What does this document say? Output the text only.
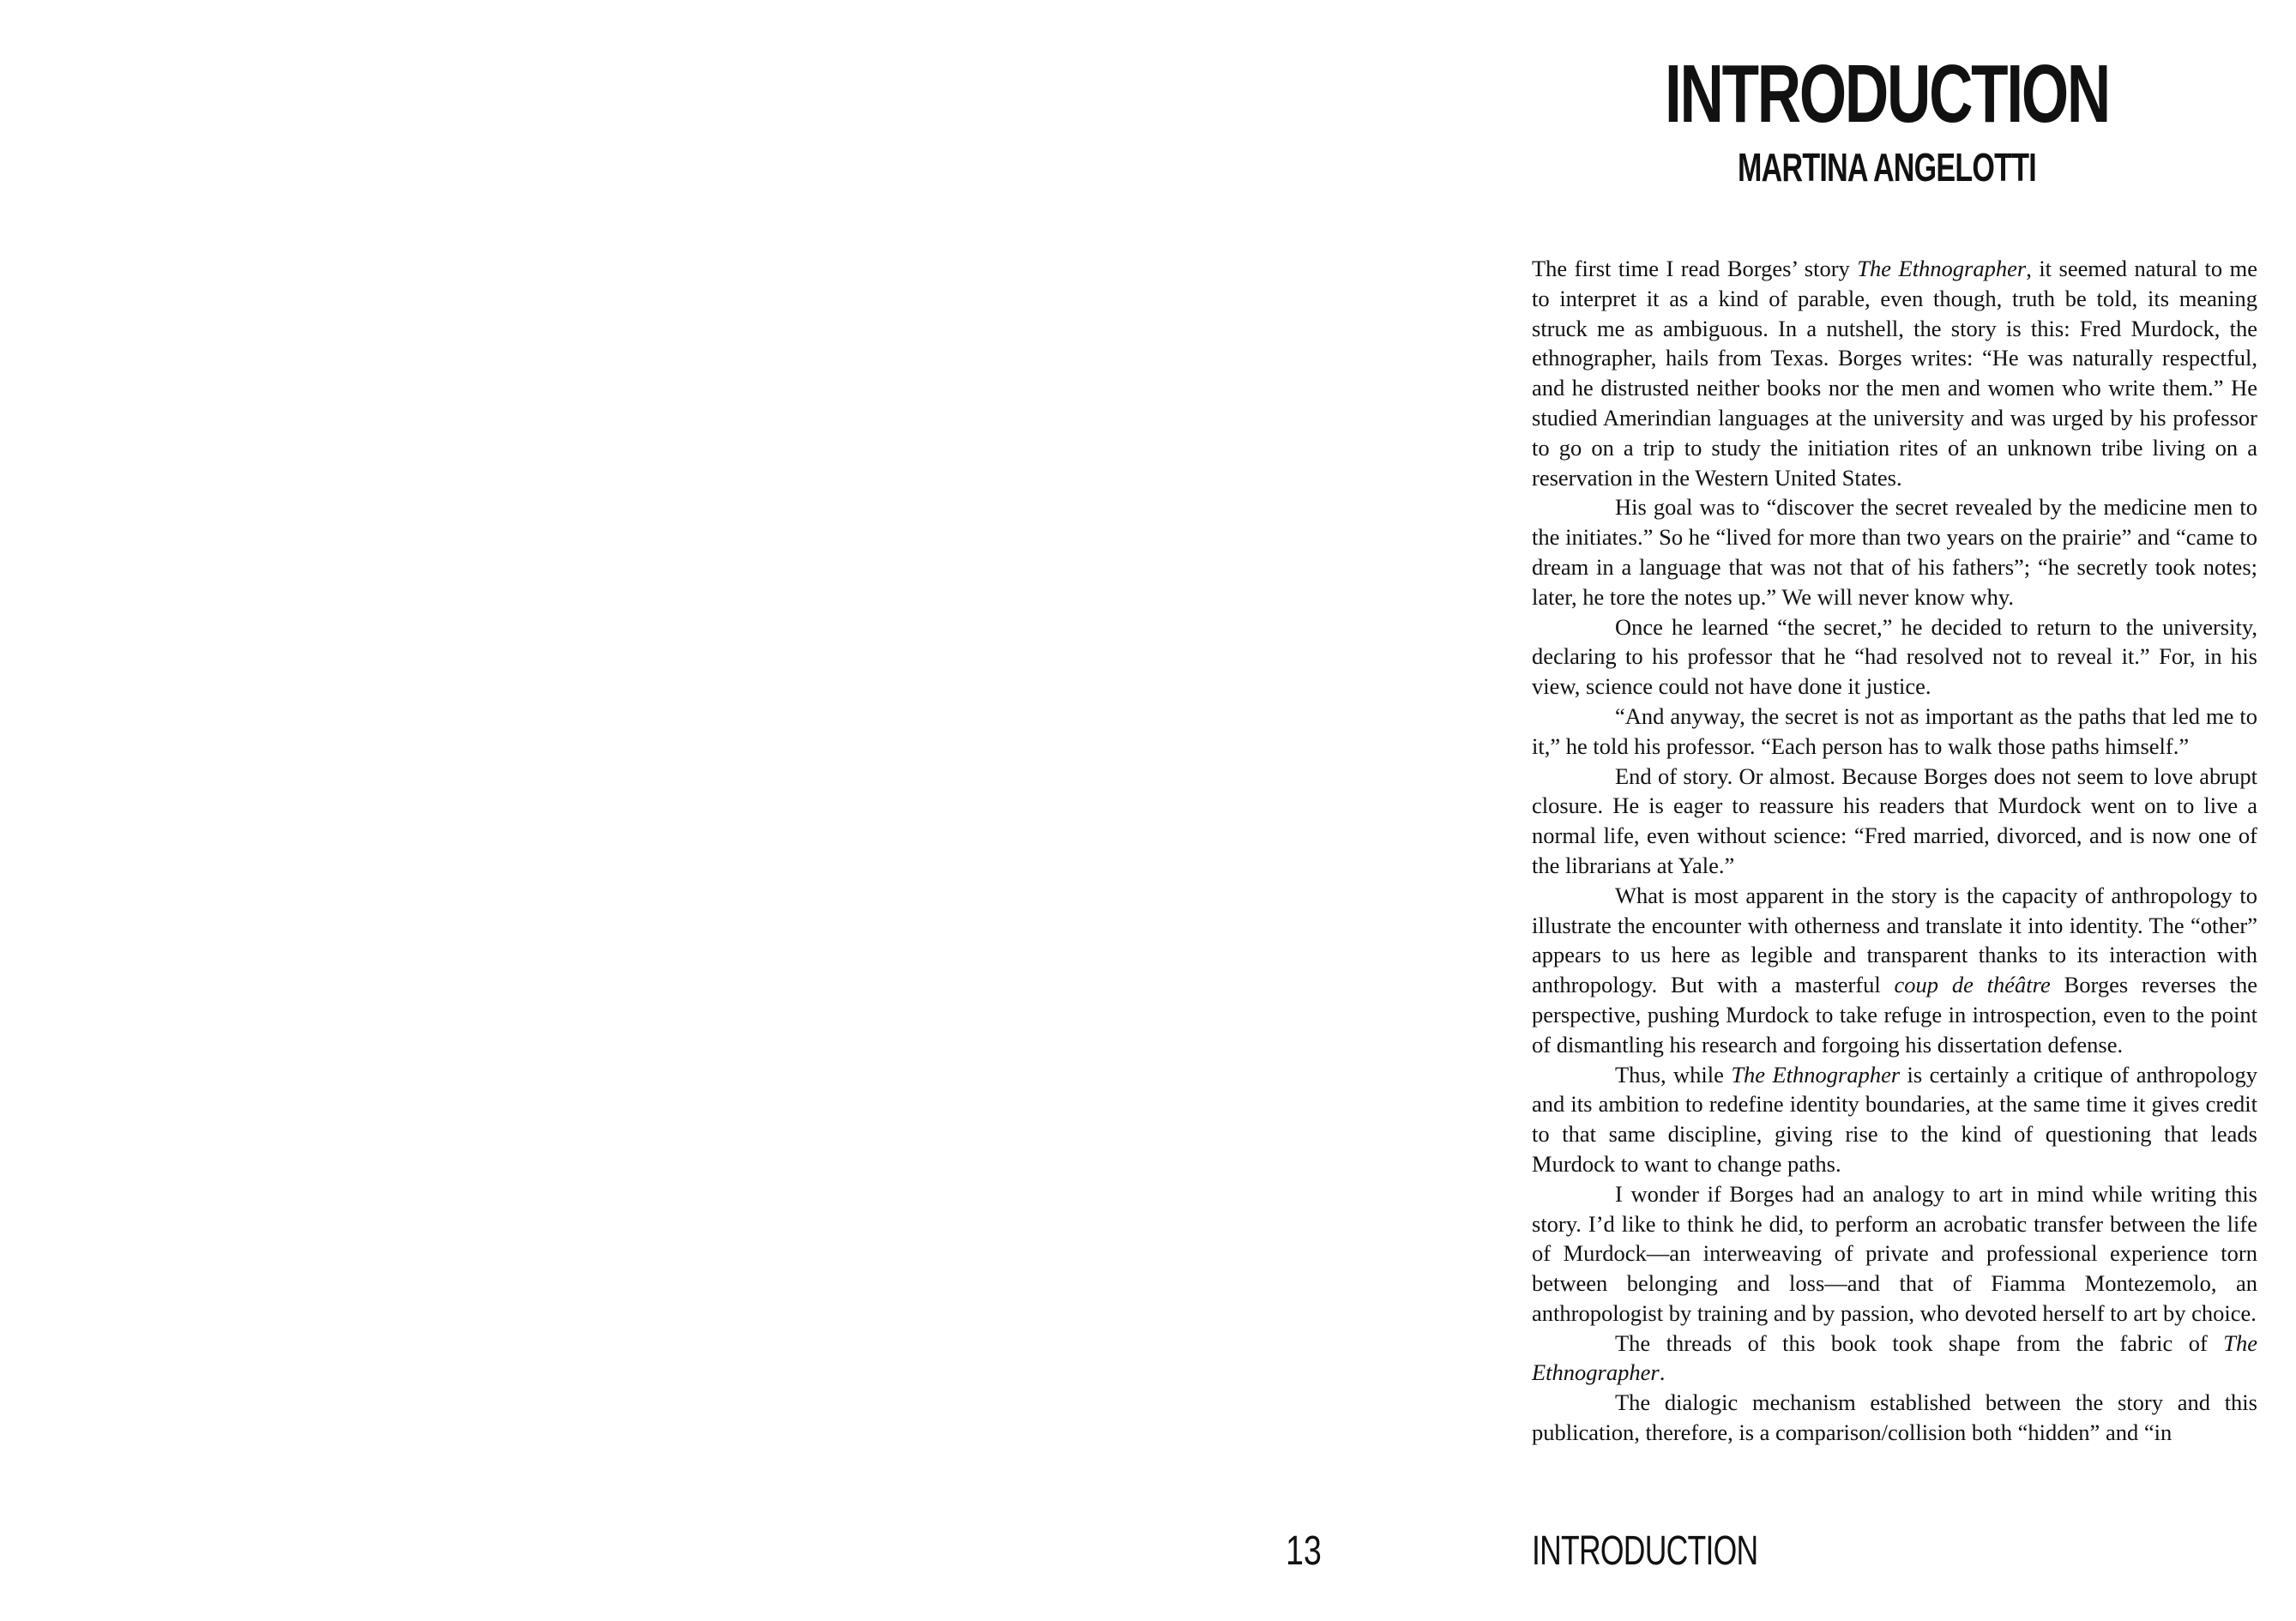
INTRODUCTION
MARTINA ANGELOTTI

The first time I read Borges’ story The Ethnographer, it seemed natural to me to interpret it as a kind of parable, even though, truth be told, its meaning struck me as ambiguous. In a nutshell, the story is this: Fred Murdock, the ethnographer, hails from Texas. Borges writes: “He was naturally respectful, and he distrusted neither books nor the men and women who write them.” He studied Amerindian languages at the university and was urged by his professor to go on a trip to study the initiation rites of an unknown tribe living on a reservation in the Western United States.

His goal was to “discover the secret revealed by the medicine men to the initiates.” So he “lived for more than two years on the prairie” and “came to dream in a language that was not that of his fathers”; “he secretly took notes; later, he tore the notes up.” We will never know why.

Once he learned “the secret,” he decided to return to the university, declaring to his professor that he “had resolved not to reveal it.” For, in his view, science could not have done it justice.

“And anyway, the secret is not as important as the paths that led me to it,” he told his professor. “Each person has to walk those paths himself.”

End of story. Or almost. Because Borges does not seem to love abrupt closure. He is eager to reassure his readers that Murdock went on to live a normal life, even without science: “Fred married, divorced, and is now one of the librarians at Yale.”

What is most apparent in the story is the capacity of anthropology to illustrate the encounter with otherness and translate it into identity. The “other” appears to us here as legible and transparent thanks to its interaction with anthropology. But with a masterful coup de théâtre Borges reverses the perspective, pushing Murdock to take refuge in introspection, even to the point of dismantling his research and forgoing his dissertation defense.

Thus, while The Ethnographer is certainly a critique of anthropology and its ambition to redefine identity boundaries, at the same time it gives credit to that same discipline, giving rise to the kind of questioning that leads Murdock to want to change paths.

I wonder if Borges had an analogy to art in mind while writing this story. I’d like to think he did, to perform an acrobatic transfer between the life of Murdock—an interweaving of private and professional experience torn between belonging and loss—and that of Fiamma Montezemolo, an anthropologist by training and by passion, who devoted herself to art by choice.

The threads of this book took shape from the fabric of The Ethnographer.

The dialogic mechanism established between the story and this publication, therefore, is a comparison/collision both “hidden” and “in

13	INTRODUCTION
